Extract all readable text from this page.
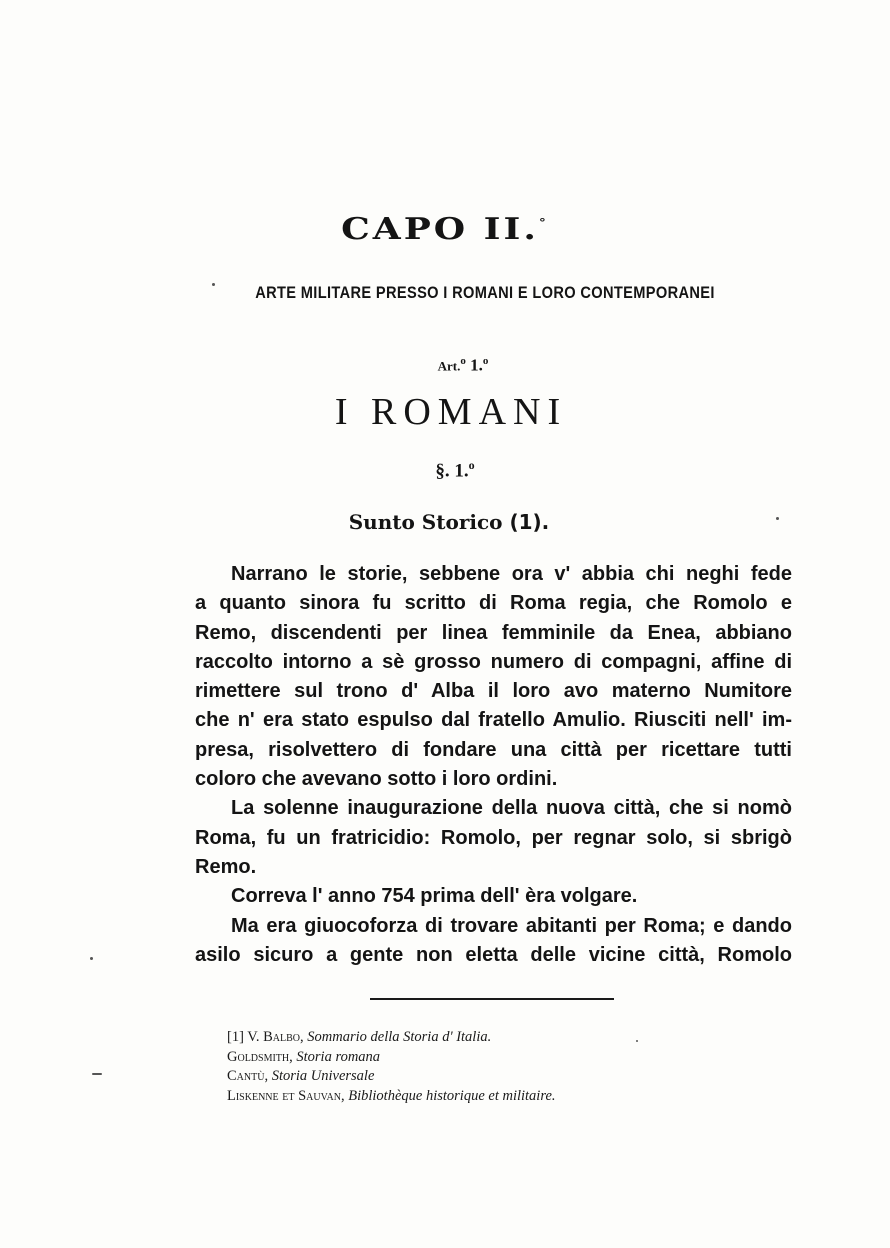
CAPO II.°
ARTE MILITARE PRESSO I ROMANI E LORO CONTEMPORANEI
Art.$^o$ 1.$^o$
I ROMANI
§. 1.$^o$
Sunto Storico (1).
Narrano le storie, sebbene ora v' abbia chi neghi fede
a quanto sinora fu scritto di Roma regia, che Romolo e
Remo, discendenti per linea femminile da Enea, abbiano
raccolto intorno a sè grosso numero di compagni, affine di
rimettere sul trono d' Alba il loro avo materno Numitore
che n' era stato espulso dal fratello Amulio. Riusciti nell' im-
presa, risolvettero di fondare una città per ricettare tutti
coloro che avevano sotto i loro ordini.
La solenne inaugurazione della nuova città, che si nomò
Roma, fu un fratricidio: Romolo, per regnar solo, si sbrigò
Remo.
Correva l' anno 754 prima dell' èra volgare.
Ma era giuocoforza di trovare abitanti per Roma; e dando
asilo sicuro a gente non eletta delle vicine città, Romolo
[1] V. Balbo, Sommario della Storia d' Italia.
Goldsmith, Storia romana
Cantù, Storia Universale
Liskenne et Sauvan, Bibliothèque historique et militaire.
